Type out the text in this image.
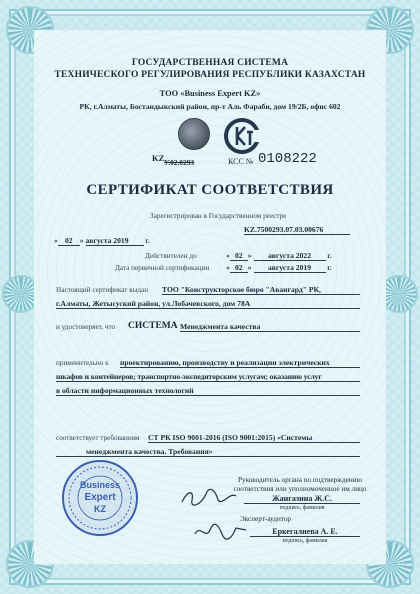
ГОСУДАРСТВЕННАЯ СИСТЕМА
ТЕХНИЧЕСКОГО РЕГУЛИРОВАНИЯ РЕСПУБЛИКИ КАЗАХСТАН
ТОО «Business Expert KZ»
РК, г.Алматы, Бостандыкский район, пр-т Аль Фараби, дом 19/2Б, офис 602
KZ У.02.0293	КСС № 0108222
СЕРТИФИКАТ СООТВЕТСТВИЯ
Зарегистрирован в Государственном реестре
KZ.7500293.07.03.00676
« 02 » августа 2019 г.
Действителен до	« 02 » августа 2022 г.
Дата первичной сертификации « 02 » августа 2019 г.
Настоящий сертификат выдан ТОО "Конструкторское бюро "Авангард" РК,
г.Алматы, Жетысуский район, ул.Лобачевского, дом 78А
и удостоверяет, что СИСТЕМА Менеджмента качества
применительно к проектированию, производству и реализации электрических
шкафов и контейнеров; транспортно-экспедиторским услугам; оказанию услуг
в области информационных технологий
соответствует требованиям СТ РК ISO 9001-2016 (ISO 9001:2015) «Системы
менеджмента качества. Требования»
Business
Expert
KZ
Руководитель органа по подтверждению
соответствия или уполномоченное им лицо
Жангазина Ж.С.
подпись, фамилия
Эксперт-аудитор
Еркегалиева А. Е.
подпись, фамилия
